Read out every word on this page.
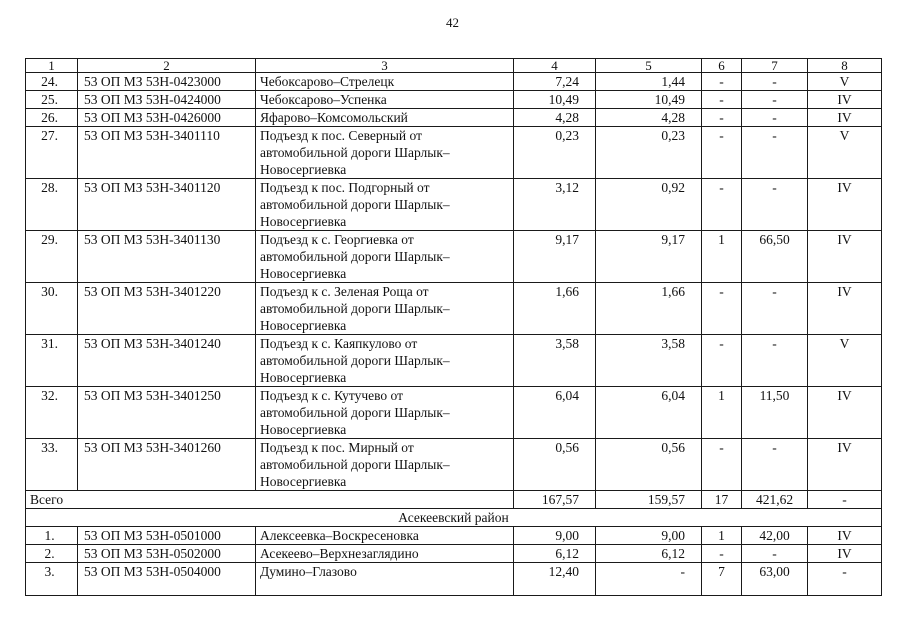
42
1	2	3	4	5	6	7	8
24.	53 ОП МЗ 53Н-0423000	Чебоксарово–Стрелецк	7,24	1,44	-	-	V
25.	53 ОП МЗ 53Н-0424000	Чебоксарово–Успенка	10,49	10,49	-	-	IV
26.	53 ОП МЗ 53Н-0426000	Яфарово–Комсомольский	4,28	4,28	-	-	IV
27.	53 ОП МЗ 53Н-3401110	Подъезд к пос. Северный от
автомобильной дороги Шарлык–
Новосергиевка	0,23	0,23	-	-	V
28.	53 ОП МЗ 53Н-3401120	Подъезд к пос. Подгорный от
автомобильной дороги Шарлык–
Новосергиевка	3,12	0,92	-	-	IV
29.	53 ОП МЗ 53Н-3401130	Подъезд к с. Георгиевка от
автомобильной дороги Шарлык–
Новосергиевка	9,17	9,17	1	66,50	IV
30.	53 ОП МЗ 53Н-3401220	Подъезд к с. Зеленая Роща от
автомобильной дороги Шарлык–
Новосергиевка	1,66	1,66	-	-	IV
31.	53 ОП МЗ 53Н-3401240	Подъезд к с. Каяпкулово от
автомобильной дороги Шарлык–
Новосергиевка	3,58	3,58	-	-	V
32.	53 ОП МЗ 53Н-3401250	Подъезд к с. Кутучево от
автомобильной дороги Шарлык–
Новосергиевка	6,04	6,04	1	11,50	IV
33.	53 ОП МЗ 53Н-3401260	Подъезд к пос. Мирный от
автомобильной дороги Шарлык–
Новосергиевка	0,56	0,56	-	-	IV
Всего			167,57	159,57	17	421,62	-
Асекеевский район							
1.	53 ОП МЗ 53Н-0501000	Алексеевка–Воскресеновка	9,00	9,00	1	42,00	IV
2.	53 ОП МЗ 53Н-0502000	Асекеево–Верхнезаглядино	6,12	6,12	-	-	IV
3.	53 ОП МЗ 53Н-0504000	Думино–Глазово	12,40	-	7	63,00	-
